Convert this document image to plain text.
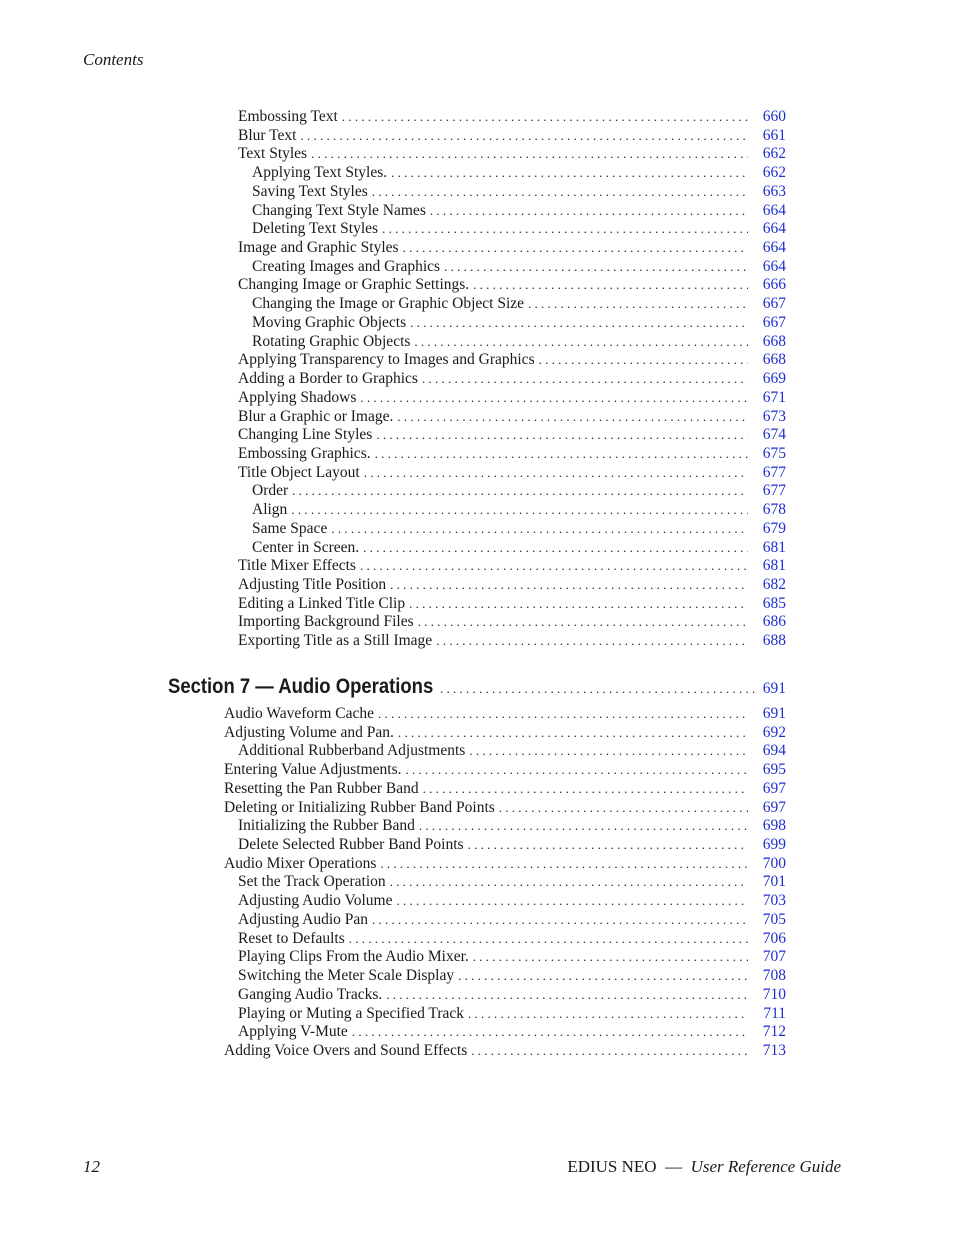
Contents
Embossing Text . . .	660
Blur Text . . .	661
Text Styles . . .	662
Applying Text Styles. . . .	662
Saving Text Styles . . .	663
Changing Text Style Names . . .	664
Deleting Text Styles . . .	664
Image and Graphic Styles . . .	664
Creating Images and Graphics . . .	664
Changing Image or Graphic Settings. . . .	666
Changing the Image or Graphic Object Size . . .	667
Moving Graphic Objects . . .	667
Rotating Graphic Objects . . .	668
Applying Transparency to Images and Graphics . . .	668
Adding a Border to Graphics . . .	669
Applying Shadows . . .	671
Blur a Graphic or Image. . . .	673
Changing Line Styles . . .	674
Embossing Graphics. . . .	675
Title Object Layout . . .	677
Order . . .	677
Align . . .	678
Same Space . . .	679
Center in Screen. . . .	681
Title Mixer Effects . . .	681
Adjusting Title Position . . .	682
Editing a Linked Title Clip . . .	685
Importing Background Files . . .	686
Exporting Title as a Still Image . . .	688
Section 7 — Audio Operations . . .	691
Audio Waveform Cache . . .	691
Adjusting Volume and Pan. . . .	692
Additional Rubberband Adjustments . . .	694
Entering Value Adjustments. . . .	695
Resetting the Pan Rubber Band . . .	697
Deleting or Initializing Rubber Band Points . . .	697
Initializing the Rubber Band . . .	698
Delete Selected Rubber Band Points . . .	699
Audio Mixer Operations . . .	700
Set the Track Operation . . .	701
Adjusting Audio Volume . . .	703
Adjusting Audio Pan . . .	705
Reset to Defaults . . .	706
Playing Clips From the Audio Mixer. . . .	707
Switching the Meter Scale Display . . .	708
Ganging Audio Tracks. . . .	710
Playing or Muting a Specified Track . . .	711
Applying V-Mute . . .	712
Adding Voice Overs and Sound Effects . . .	713
12	EDIUS NEO — User Reference Guide
